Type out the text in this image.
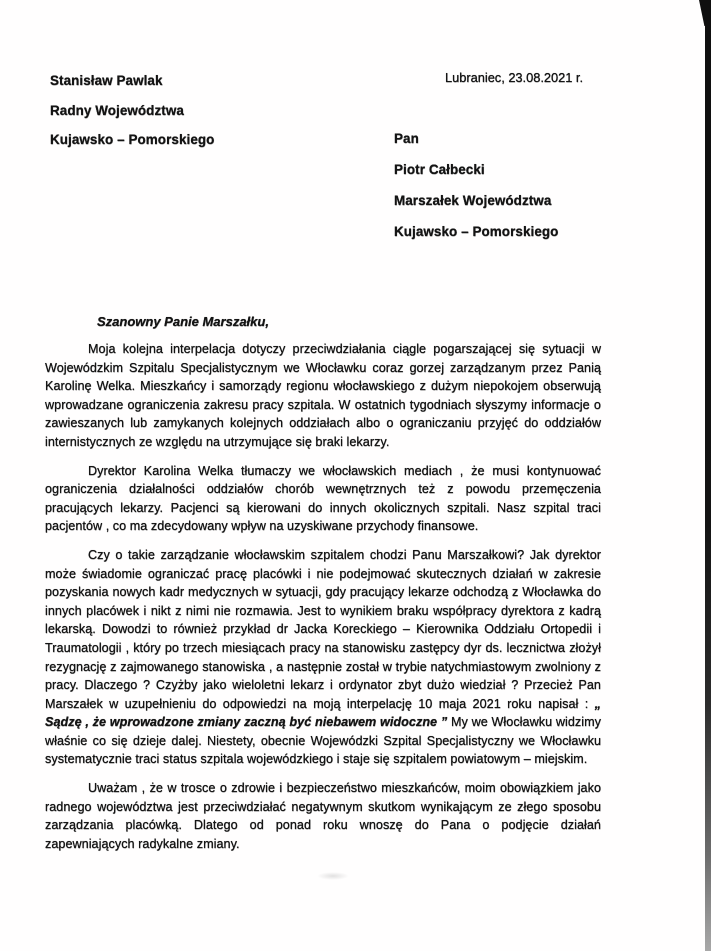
Stanisław Pawlak
Radny Województwa
Kujawsko – Pomorskiego
Lubraniec, 23.08.2021 r.
Pan
Piotr Całbecki
Marszałek Województwa
Kujawsko – Pomorskiego
Szanowny Panie Marszałku,

Moja kolejna interpelacja dotyczy przeciwdziałania ciągle pogarszającej się sytuacji w Wojewódzkim Szpitalu Specjalistycznym we Włocławku coraz gorzej zarządzanym przez Panią Karolinę Welka. Mieszkańcy i samorządy regionu włocławskiego z dużym niepokojem obserwują wprowadzane ograniczenia zakresu pracy szpitala. W ostatnich tygodniach słyszymy informacje o zawieszanych lub zamykanych kolejnych oddziałach albo o ograniczaniu przyjęć do oddziałów internistycznych ze względu na utrzymujące się braki lekarzy.

Dyrektor Karolina Welka tłumaczy we włocławskich mediach , że musi kontynuować ograniczenia działalności oddziałów chorób wewnętrznych też z powodu przemęczenia pracujących lekarzy. Pacjenci są kierowani do innych okolicznych szpitali. Nasz szpital traci pacjentów , co ma zdecydowany wpływ na uzyskiwane przychody finansowe.

Czy o takie zarządzanie włocławskim szpitalem chodzi Panu Marszałkowi? Jak dyrektor może świadomie ograniczać pracę placówki i nie podejmować skutecznych działań w zakresie pozyskania nowych kadr medycznych w sytuacji, gdy pracujący lekarze odchodzą z Włocławka do innych placówek i nikt z nimi nie rozmawia. Jest to wynikiem braku współpracy dyrektora z kadrą lekarską. Dowodzi to również przykład dr Jacka Koreckiego – Kierownika Oddziału Ortopedii i Traumatologii , który po trzech miesiącach pracy na stanowisku zastępcy dyr ds. lecznictwa złożył rezygnację z zajmowanego stanowiska , a następnie został w trybie natychmiastowym zwolniony z pracy. Dlaczego ? Czyżby jako wieloletni lekarz i ordynator zbyt dużo wiedział ? Przecież Pan Marszałek w uzupełnieniu do odpowiedzi na moją interpelację 10 maja 2021 roku napisał : „ Sądzę , że wprowadzone zmiany zaczną być niebawem widoczne ” My we Włocławku widzimy właśnie co się dzieje dalej. Niestety, obecnie Wojewódzki Szpital Specjalistyczny we Włocławku systematycznie traci status szpitala wojewódzkiego i staje się szpitalem powiatowym – miejskim.

Uważam , że w trosce o zdrowie i bezpieczeństwo mieszkańców, moim obowiązkiem jako radnego województwa jest przeciwdziałać negatywnym skutkom wynikającym ze złego sposobu zarządzania placówką. Dlatego od ponad roku wnoszę do Pana o podjęcie działań zapewniających radykalne zmiany.
